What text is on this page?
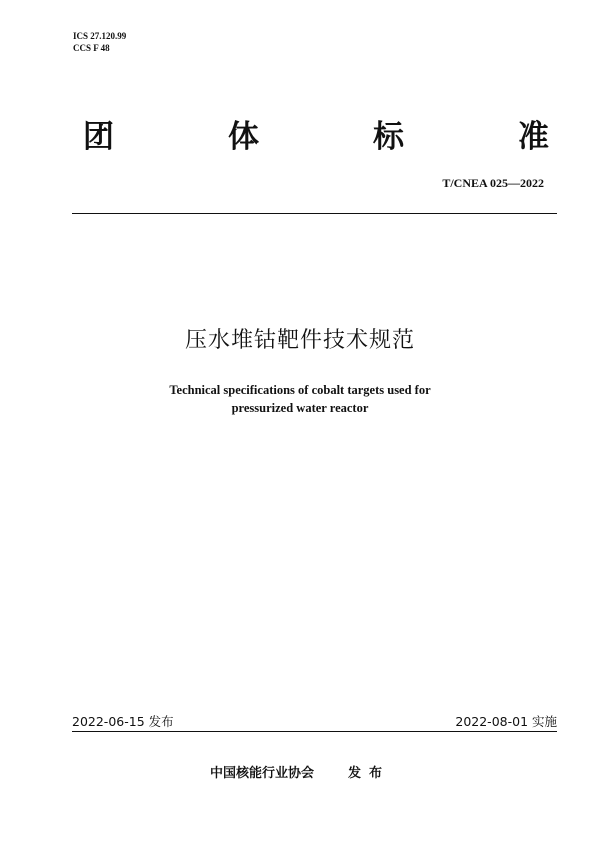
ICS 27.120.99
CCS F 48
团	体	标	准
T/CNEA 025—2022
压水堆钴靶件技术规范
Technical specifications of cobalt targets used for
pressurized water reactor
2022-06-15 发布	2022-08-01 实施
中国核能行业协会	发布
